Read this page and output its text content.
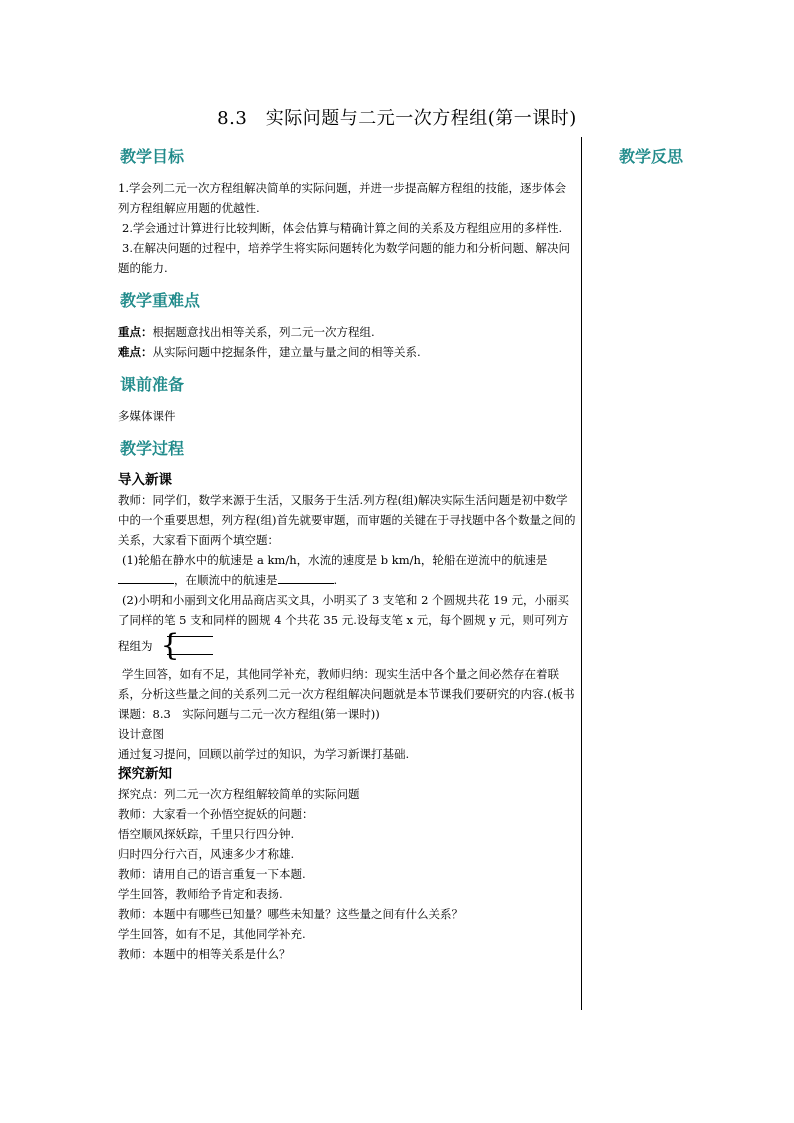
8.3　实际问题与二元一次方程组(第一课时)
教学反思
教学目标

1.学会列二元一次方程组解决简单的实际问题，并进一步提高解方程组的技能，逐步体会列方程组解应用题的优越性.

2.学会通过计算进行比较判断，体会估算与精确计算之间的关系及方程组应用的多样性.

3.在解决问题的过程中，培养学生将实际问题转化为数学问题的能力和分析问题、解决问题的能力.

教学重难点

重点：根据题意找出相等关系，列二元一次方程组.

难点：从实际问题中挖掘条件，建立量与量之间的相等关系.

课前准备

多媒体课件

教学过程

导入新课

教师：同学们，数学来源于生活，又服务于生活.列方程(组)解决实际生活问题是初中数学中的一个重要思想，列方程(组)首先就要审题，而审题的关键在于寻找题中各个数量之间的关系，大家看下面两个填空题：

(1)轮船在静水中的航速是 a km/h，水流的速度是 b km/h，轮船在逆流中的航速是，在顺流中的航速是	.

(2)小明和小丽到文化用品商店买文具，小明买了 3 支笔和 2 个圆规共花 19 元，小丽买了同样的笔 5 支和同样的圆规 4 个共花 35 元.设每支笔 x 元，每个圆规 y 元，则可列方程组为 {

学生回答，如有不足，其他同学补充，教师归纳：现实生活中各个量之间必然存在着联系，分析这些量之间的关系列二元一次方程组解决问题就是本节课我们要研究的内容.(板书课题：8.3　实际问题与二元一次方程组(第一课时))

设计意图

通过复习提问，回顾以前学过的知识，为学习新课打基础.

探究新知

探究点：列二元一次方程组解较简单的实际问题

教师：大家看一个孙悟空捉妖的问题：

悟空顺风探妖踪，千里只行四分钟.

归时四分行六百，风速多少才称雄.

教师：请用自己的语言重复一下本题.

学生回答，教师给予肯定和表扬.

教师：本题中有哪些已知量？哪些未知量？这些量之间有什么关系？

学生回答，如有不足，其他同学补充.

教师：本题中的相等关系是什么？
